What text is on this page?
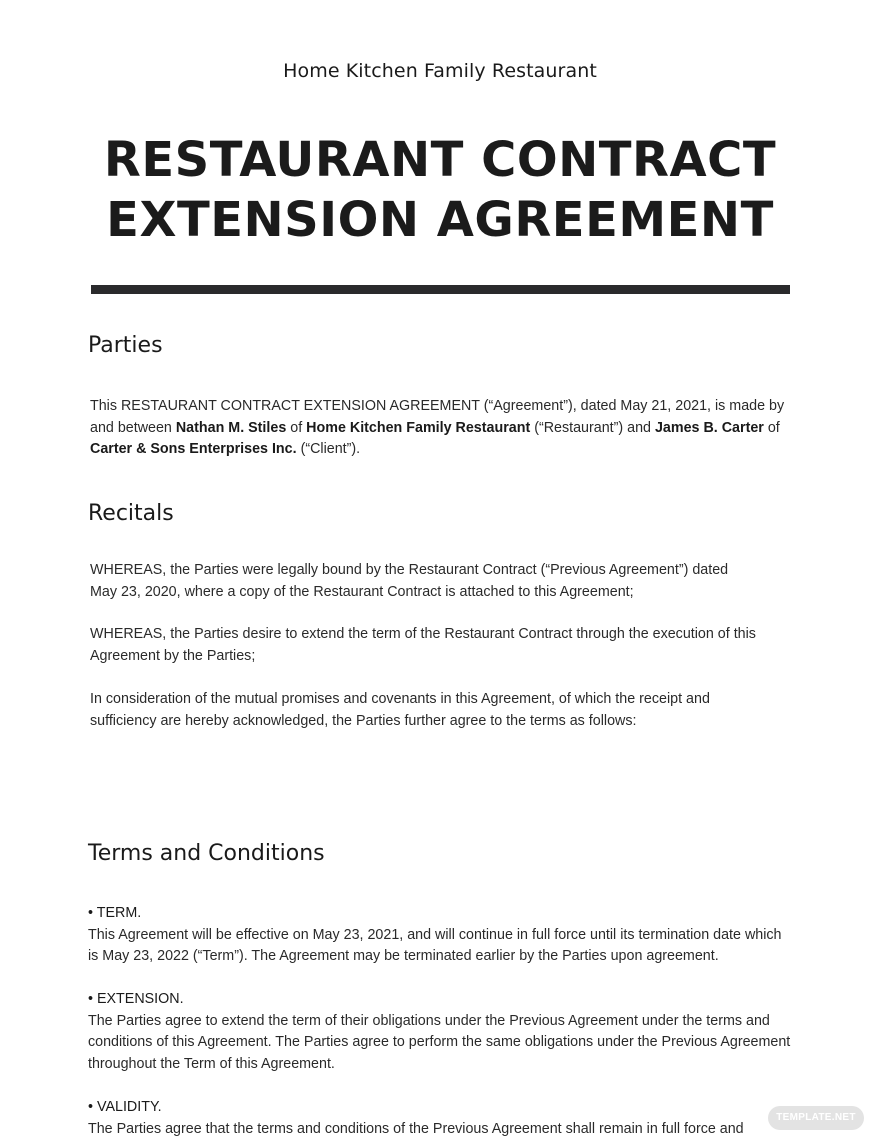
Home Kitchen Family Restaurant
RESTAURANT CONTRACT
EXTENSION AGREEMENT
Parties
This RESTAURANT CONTRACT EXTENSION AGREEMENT (“Agreement”), dated May 21, 2021, is made by and between Nathan M. Stiles of Home Kitchen Family Restaurant (“Restaurant”) and James B. Carter of Carter & Sons Enterprises Inc. (“Client”).
Recitals
WHEREAS, the Parties were legally bound by the Restaurant Contract (“Previous Agreement”) dated May 23, 2020, where a copy of the Restaurant Contract is attached to this Agreement;
WHEREAS, the Parties desire to extend the term of the Restaurant Contract through the execution of this Agreement by the Parties;
In consideration of the mutual promises and covenants in this Agreement, of which the receipt and sufficiency are hereby acknowledged, the Parties further agree to the terms as follows:
Terms and Conditions
• TERM.
This Agreement will be effective on May 23, 2021, and will continue in full force until its termination date which is May 23, 2022 (“Term”). The Agreement may be terminated earlier by the Parties upon agreement.
• EXTENSION.
The Parties agree to extend the term of their obligations under the Previous Agreement under the terms and conditions of this Agreement. The Parties agree to perform the same obligations under the Previous Agreement throughout the Term of this Agreement.
• VALIDITY.
The Parties agree that the terms and conditions of the Previous Agreement shall remain in full force and
TEMPLATE.NET
